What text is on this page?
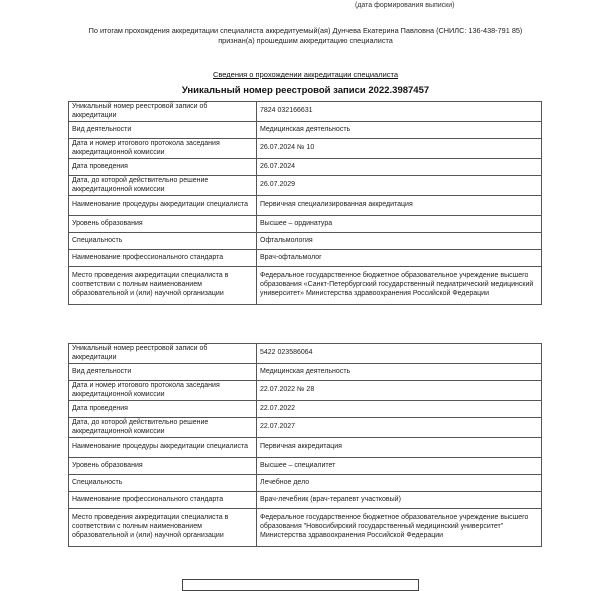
(дата формирования выписки)
По итогам прохождения аккредитации специалиста аккредитуемый(ая) Дунчева Екатерина Павловна (СНИЛС: 136-438-791 85)
признан(а) прошедшим аккредитацию специалиста
Сведения о прохождении аккредитации специалиста
Уникальный номер реестровой записи 2022.3987457
Уникальный номер реестровой записи об аккредитации	7824 032166631
Вид деятельности	Медицинская деятельность
Дата и номер итогового протокола заседания аккредитационной комиссии	26.07.2024 № 10
Дата проведения	26.07.2024
Дата, до которой действительно решение аккредитационной комиссии	26.07.2029
Наименование процедуры аккредитации специалиста	Первичная специализированная аккредитация
Уровень образования	Высшее – ординатура
Специальность	Офтальмология
Наименование профессионального стандарта	Врач-офтальмолог
Место проведения аккредитации специалиста в соответствии с полным наименованием образовательной и (или) научной организации	Федеральное государственное бюджетное образовательное учреждение высшего образования «Санкт-Петербургский государственный педиатрический медицинский университет» Министерства здравоохранения Российской Федерации
Уникальный номер реестровой записи об аккредитации	5422 023586064
Вид деятельности	Медицинская деятельность
Дата и номер итогового протокола заседания аккредитационной комиссии	22.07.2022 № 28
Дата проведения	22.07.2022
Дата, до которой действительно решение аккредитационной комиссии	22.07.2027
Наименование процедуры аккредитации специалиста	Первичная аккредитация
Уровень образования	Высшее – специалитет
Специальность	Лечебное дело
Наименование профессионального стандарта	Врач-лечебник (врач-терапевт участковый)
Место проведения аккредитации специалиста в соответствии с полным наименованием образовательной и (или) научной организации	Федеральное государственное бюджетное образовательное учреждение высшего образования "Новосибирский государственный медицинский университет" Министерства здравоохранения Российской Федерации
